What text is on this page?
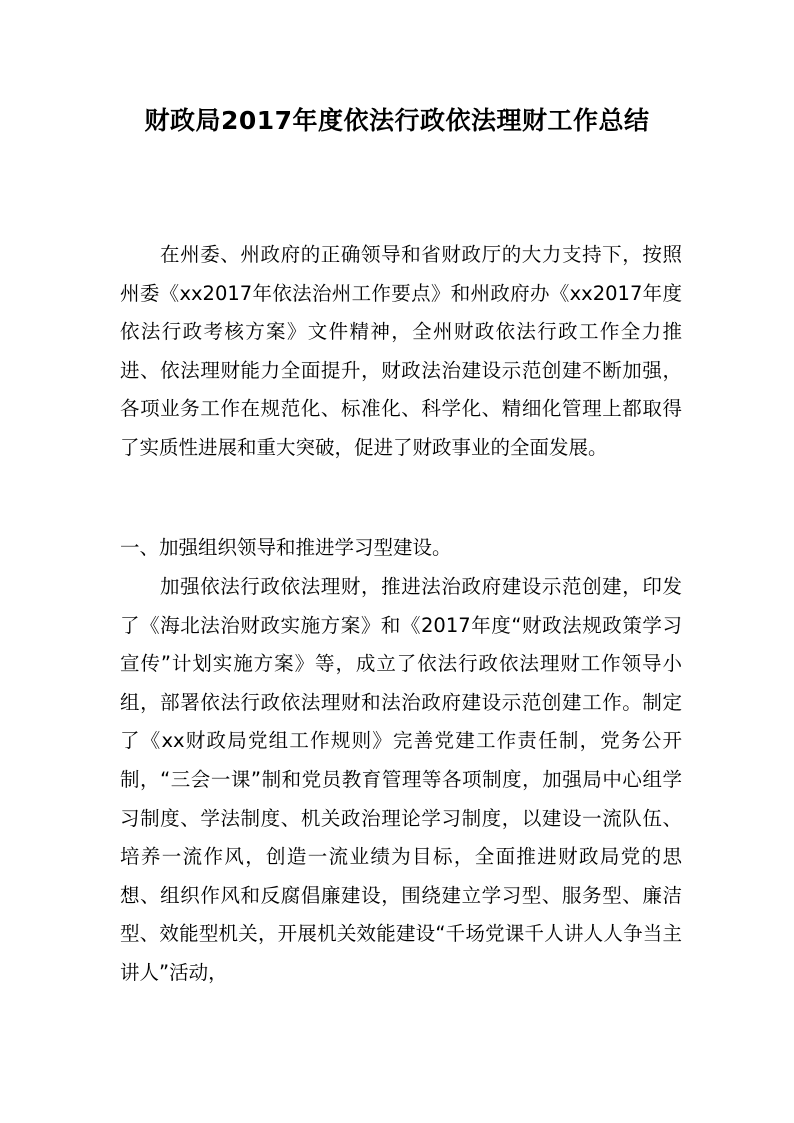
财政局2017年度依法行政依法理财工作总结
在州委、州政府的正确领导和省财政厅的大力支持下，按照州委《xx2017年依法治州工作要点》和州政府办《xx2017年度依法行政考核方案》文件精神，全州财政依法行政工作全力推进、依法理财能力全面提升，财政法治建设示范创建不断加强，各项业务工作在规范化、标准化、科学化、精细化管理上都取得了实质性进展和重大突破，促进了财政事业的全面发展。
一、加强组织领导和推进学习型建设。
加强依法行政依法理财，推进法治政府建设示范创建，印发了《海北法治财政实施方案》和《2017年度“财政法规政策学习宣传”计划实施方案》等，成立了依法行政依法理财工作领导小组，部署依法行政依法理财和法治政府建设示范创建工作。制定了《xx财政局党组工作规则》完善党建工作责任制，党务公开制，“三会一课”制和党员教育管理等各项制度，加强局中心组学习制度、学法制度、机关政治理论学习制度，以建设一流队伍、培养一流作风，创造一流业绩为目标，全面推进财政局党的思想、组织作风和反腐倡廉建设，围绕建立学习型、服务型、廉洁型、效能型机关，开展机关效能建设“千场党课千人讲人人争当主讲人”活动，
